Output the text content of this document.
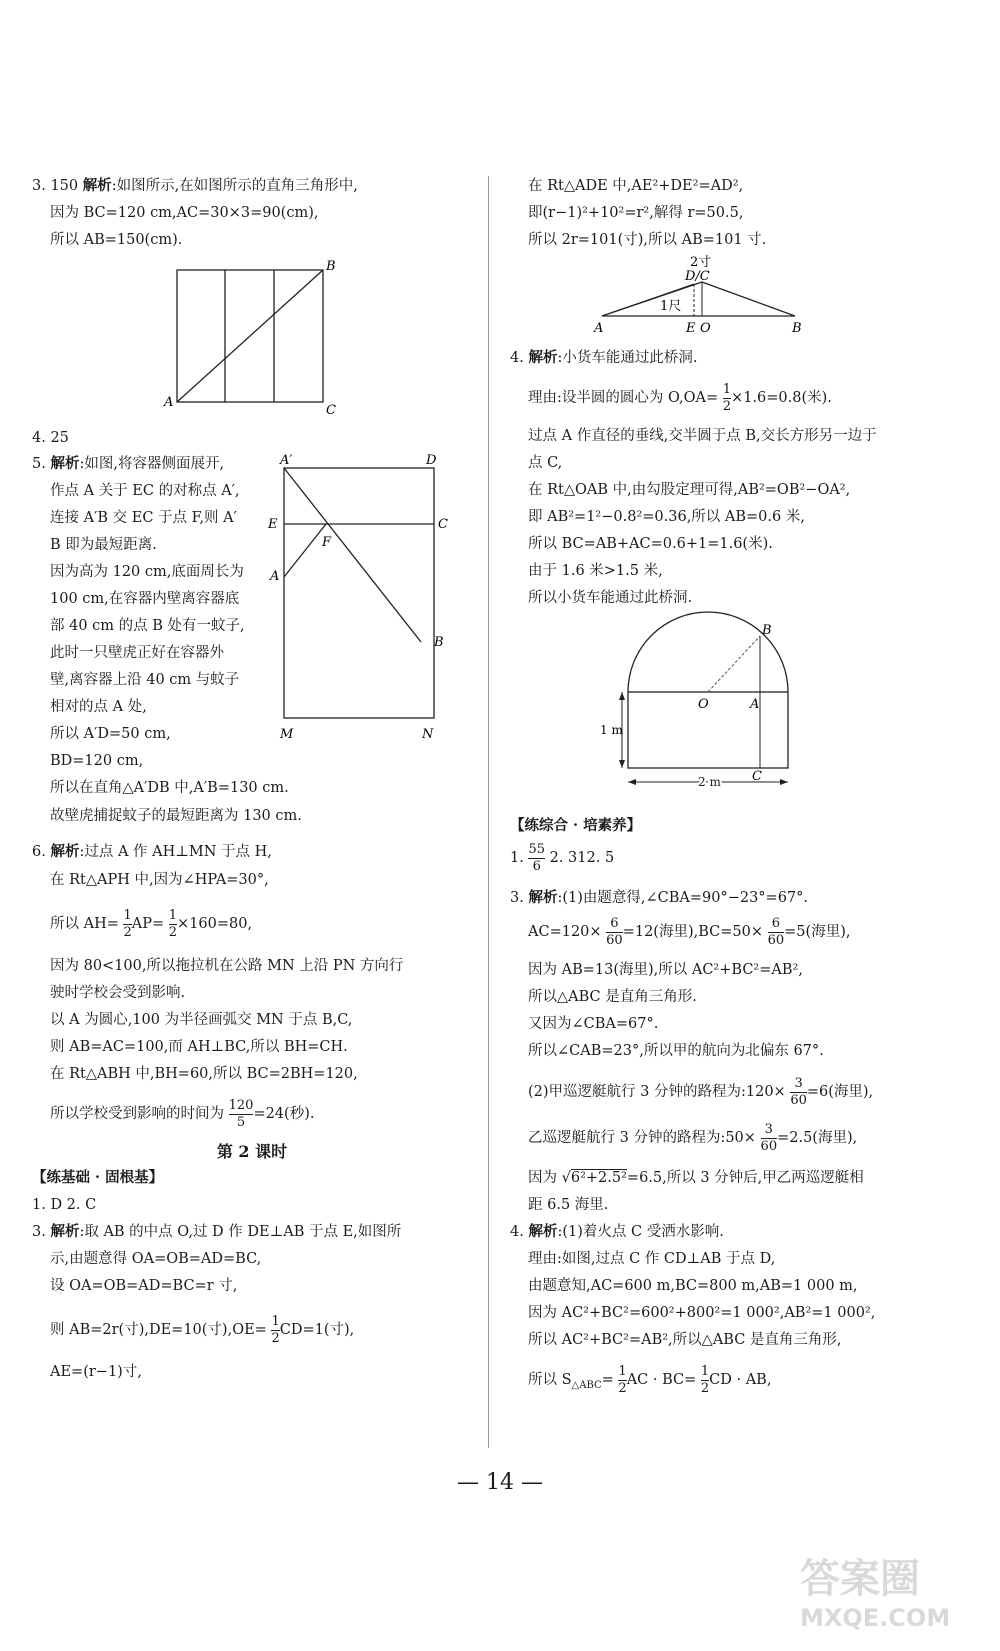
3. 150 解析:如图所示,在如图所示的直角三角形中,
因为 BC=120 cm,AC=30×3=90(cm),
所以 AB=150(cm).
B
A
C
4. 25
5. 解析:如图,将容器侧面展开,
作点 A 关于 EC 的对称点 A′,
连接 A′B 交 EC 于点 F,则 A′
B 即为最短距离.
因为高为 120 cm,底面周长为
100 cm,在容器内壁离容器底
部 40 cm 的点 B 处有一蚊子,
此时一只壁虎正好在容器外
壁,离容器上沿 40 cm 与蚊子
相对的点 A 处,
所以 A′D=50 cm,
BD=120 cm,
所以在直角△A′DB 中,A′B=130 cm.
故壁虎捕捉蚊子的最短距离为 130 cm.
A′	D
E	C
F
A
B
M	N
6. 解析:过点 A 作 AH⊥MN 于点 H,
在 Rt△APH 中,因为∠HPA=30°,
所以 $AH= \frac{1}{2} AP= \frac{1}{2} \times 160=80$,
因为 80<100,所以拖拉机在公路 MN 上沿 PN 方向行
驶时学校会受到影响.
以 A 为圆心,100 为半径画弧交 MN 于点 B,C,
则 AB=AC=100,而 AH⊥BC,所以 BH=CH.
在 Rt△ABH 中,BH=60,所以 BC=2BH=120,
所以学校受到影响的时间为 $\frac{120}{5} =24$(秒).
第 2 课时
【练基础 · 固根基】
1. D 2. C
3. 解析:取 AB 的中点 O,过 D 作 DE⊥AB 于点 E,如图所
示,由题意得 OA=OB=AD=BC,
设 OA=OB=AD=BC=r 寸,
则 AB=2r(寸),DE=10(寸)$,OE= \frac{1}{2} CD=1$(寸),
AE=(r−1)寸,
在 Rt△ADE 中,AE²+DE²=AD²,
即(r−1)²+10²=r²,解得 r=50.5,
所以 2r=101(寸),所以 AB=101 寸.
2寸
D/C
1尺
A	E O	B
4. 解析:小货车能通过此桥洞.
理由:设半圆的圆心为 $O,OA= \frac{1}{2} \times 1.6=0.8$(米).
过点 A 作直径的垂线,交半圆于点 B,交长方形另一边于
点 C,
在 Rt△OAB 中,由勾股定理可得,AB²=OB²−OA²,
即 AB²=1²−0.8²=0.36,所以 AB=0.6 米,
所以 BC=AB+AC=0.6+1=1.6(米).
由于 1.6 米>1.5 米,
所以小货车能通过此桥洞.
B
O	A
C
1 m
2 m
【练综合 · 培素养】
1. $\frac{55}{6} 2$. 312. 5
3. 解析:(1)由题意得,∠CBA=90°−23°=67°.
$AC=120\times \frac{6}{60} =12$(海里)$,BC=50\times \frac{6}{60} =5$(海里),
因为 AB=13(海里),所以 AC²+BC²=AB²,
所以△ABC 是直角三角形.
又因为∠CBA=67°.
所以∠CAB=23°,所以甲的航向为北偏东 67°.
(2)甲巡逻艇航行 3 分钟的路程为:120× $\frac{3}{60} =6$(海里),
乙巡逻艇航行 3 分钟的路程为:50× $\frac{3}{60} =2.5$(海里),
因为 √6²+2.5²=6.5,所以 3 分钟后,甲乙两巡逻艇相
距 6.5 海里.
4. 解析:(1)着火点 C 受洒水影响.
理由:如图,过点 C 作 CD⊥AB 于点 D,
由题意知,AC=600 m,BC=800 m,AB=1 000 m,
因为 AC²+BC²=600²+800²=1 000²,AB²=1 000²,
所以 AC²+BC²=AB²,所以△ABC 是直角三角形,
所以 $S_{\triangle ABC}= \frac{1}{2}$ AC · $BC= \frac{1}{2}$ CD · AB,
— 14 —
答案圈
MXQE.COM
